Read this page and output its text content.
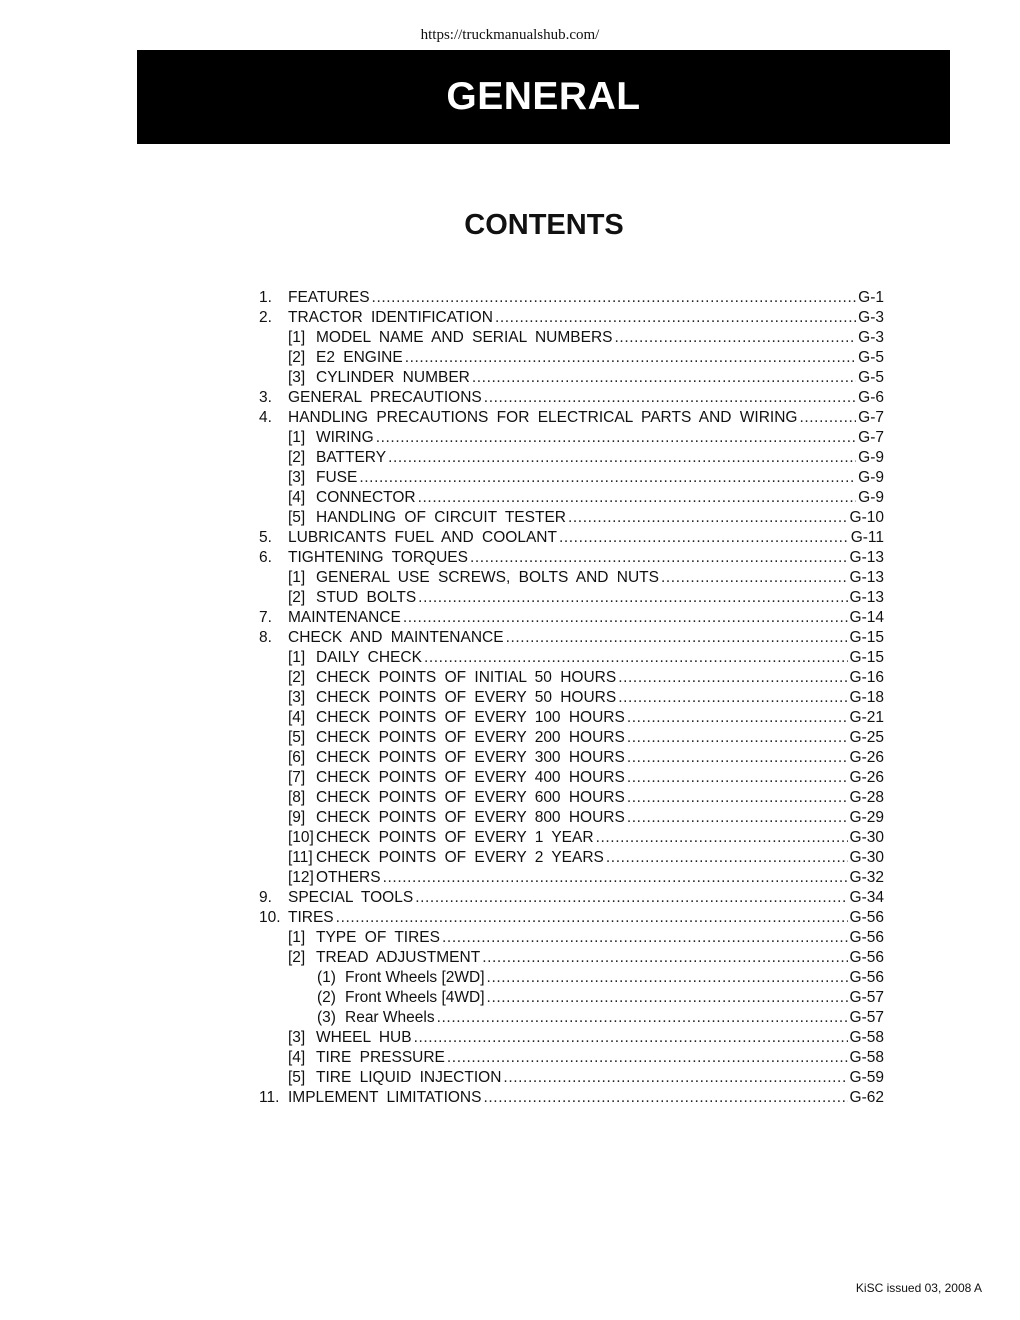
https://truckmanualshub.com/
GENERAL
CONTENTS
1.	FEATURES .....	G-1
2.	TRACTOR IDENTIFICATION .....	G-3
[1] MODEL NAME AND SERIAL NUMBERS .....	G-3
[2] E2 ENGINE .....	G-5
[3] CYLINDER NUMBER .....	G-5
3.	GENERAL PRECAUTIONS .....	G-6
4.	HANDLING PRECAUTIONS FOR ELECTRICAL PARTS AND WIRING .....	G-7
[1] WIRING .....	G-7
[2] BATTERY .....	G-9
[3] FUSE .....	G-9
[4] CONNECTOR .....	G-9
[5] HANDLING OF CIRCUIT TESTER .....	G-10
5.	LUBRICANTS FUEL AND COOLANT .....	G-11
6.	TIGHTENING TORQUES .....	G-13
[1] GENERAL USE SCREWS, BOLTS AND NUTS .....	G-13
[2] STUD BOLTS .....	G-13
7.	MAINTENANCE .....	G-14
8.	CHECK AND MAINTENANCE .....	G-15
[1] DAILY CHECK .....	G-15
[2] CHECK POINTS OF INITIAL 50 HOURS .....	G-16
[3] CHECK POINTS OF EVERY 50 HOURS .....	G-18
[4] CHECK POINTS OF EVERY 100 HOURS .....	G-21
[5] CHECK POINTS OF EVERY 200 HOURS .....	G-25
[6] CHECK POINTS OF EVERY 300 HOURS .....	G-26
[7] CHECK POINTS OF EVERY 400 HOURS .....	G-26
[8] CHECK POINTS OF EVERY 600 HOURS .....	G-28
[9] CHECK POINTS OF EVERY 800 HOURS .....	G-29
[10] CHECK POINTS OF EVERY 1 YEAR .....	G-30
[11] CHECK POINTS OF EVERY 2 YEARS .....	G-30
[12] OTHERS .....	G-32
9.	SPECIAL TOOLS .....	G-34
10. TIRES .....	G-56
[1] TYPE OF TIRES .....	G-56
[2] TREAD ADJUSTMENT .....	G-56
(1) Front Wheels [2WD] .....	G-56
(2) Front Wheels [4WD] .....	G-57
(3) Rear Wheels .....	G-57
[3] WHEEL HUB .....	G-58
[4] TIRE PRESSURE .....	G-58
[5] TIRE LIQUID INJECTION .....	G-59
11. IMPLEMENT LIMITATIONS .....	G-62
KiSC issued 03, 2008 A
